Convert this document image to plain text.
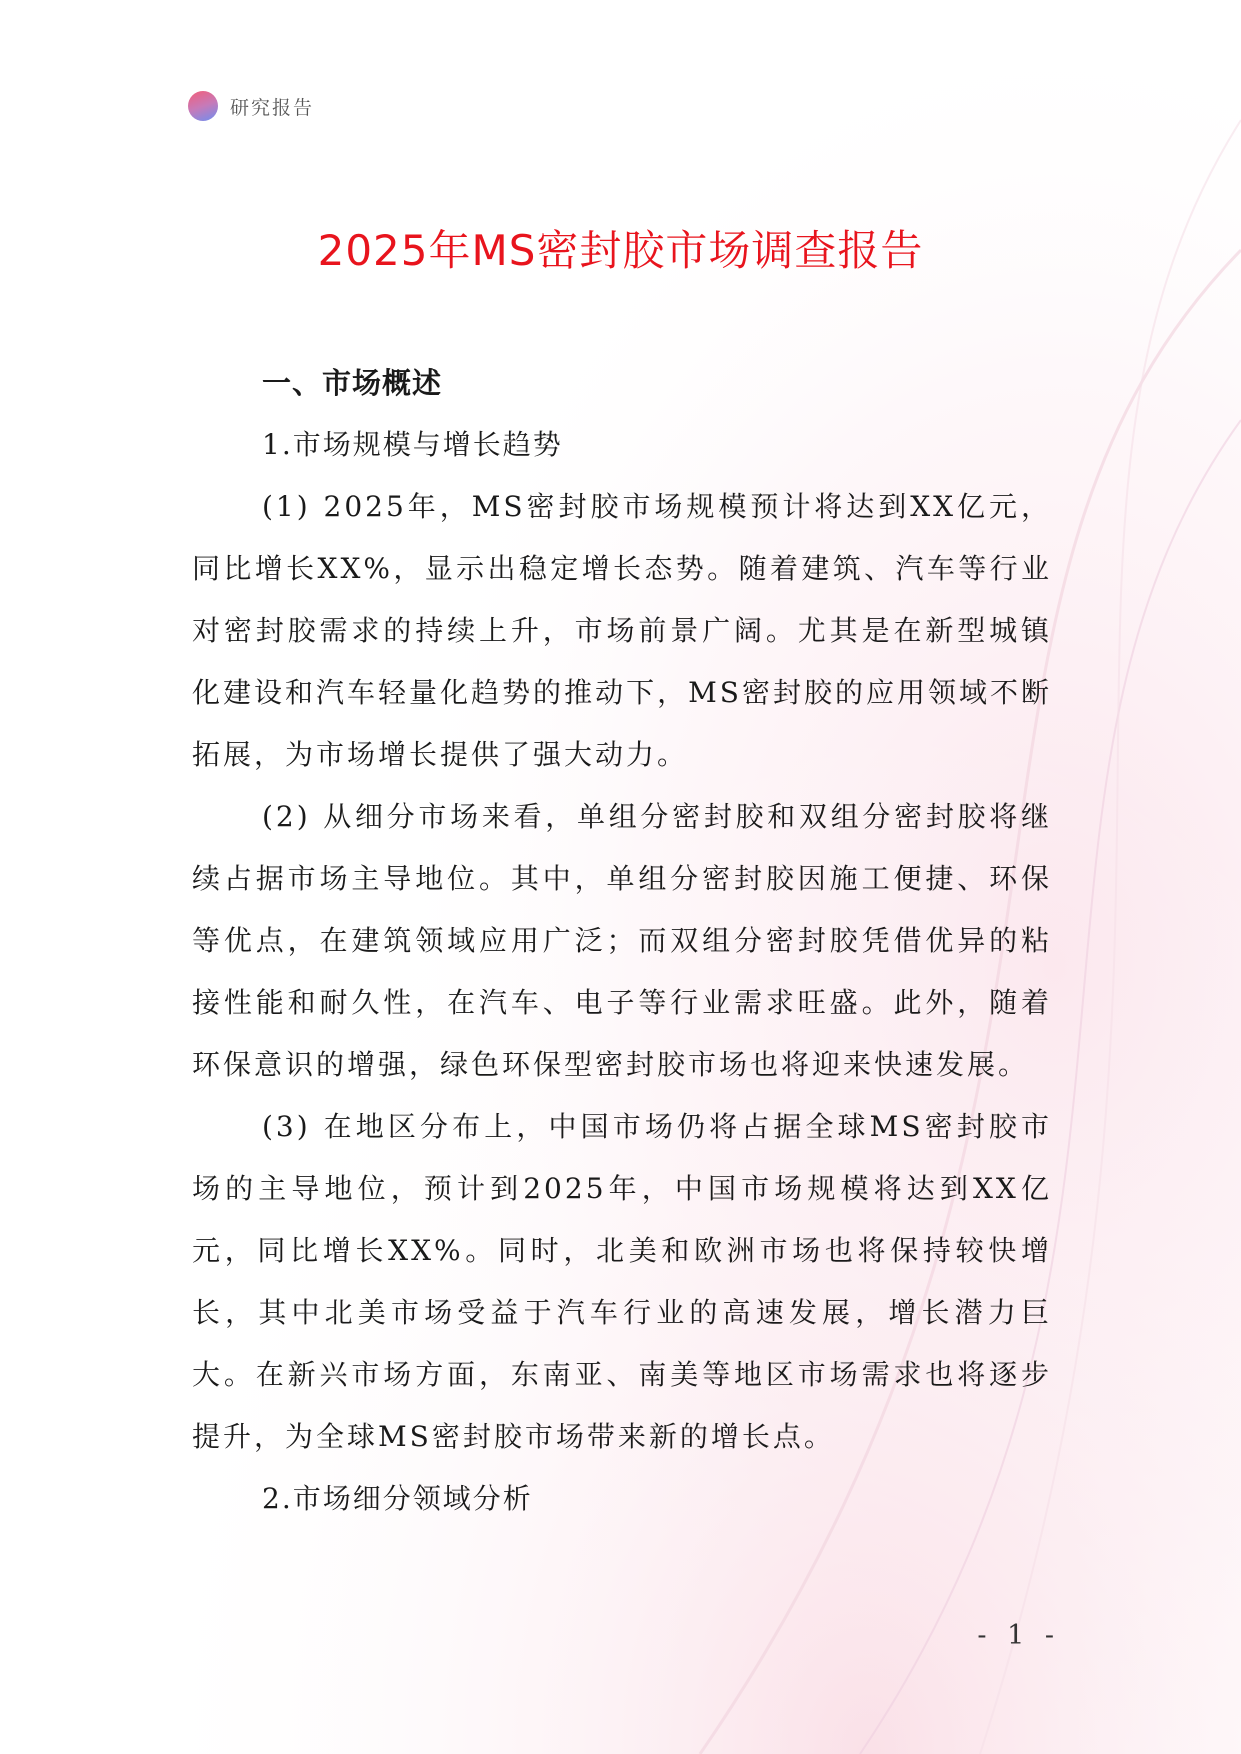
研究报告
2025年MS密封胶市场调查报告

一、市场概述

1.市场规模与增长趋势

(1) 2025年，MS密封胶市场规模预计将达到XX亿元，同比增长XX%，显示出稳定增长态势。随着建筑、汽车等行业对密封胶需求的持续上升，市场前景广阔。尤其是在新型城镇化建设和汽车轻量化趋势的推动下，MS密封胶的应用领域不断拓展，为市场增长提供了强大动力。

(2) 从细分市场来看，单组分密封胶和双组分密封胶将继续占据市场主导地位。其中，单组分密封胶因施工便捷、环保等优点，在建筑领域应用广泛；而双组分密封胶凭借优异的粘接性能和耐久性，在汽车、电子等行业需求旺盛。此外，随着环保意识的增强，绿色环保型密封胶市场也将迎来快速发展。

(3) 在地区分布上，中国市场仍将占据全球MS密封胶市场的主导地位，预计到2025年，中国市场规模将达到XX亿元，同比增长XX%。同时，北美和欧洲市场也将保持较快增长，其中北美市场受益于汽车行业的高速发展，增长潜力巨大。在新兴市场方面，东南亚、南美等地区市场需求也将逐步提升，为全球MS密封胶市场带来新的增长点。

2.市场细分领域分析

- 1 -
